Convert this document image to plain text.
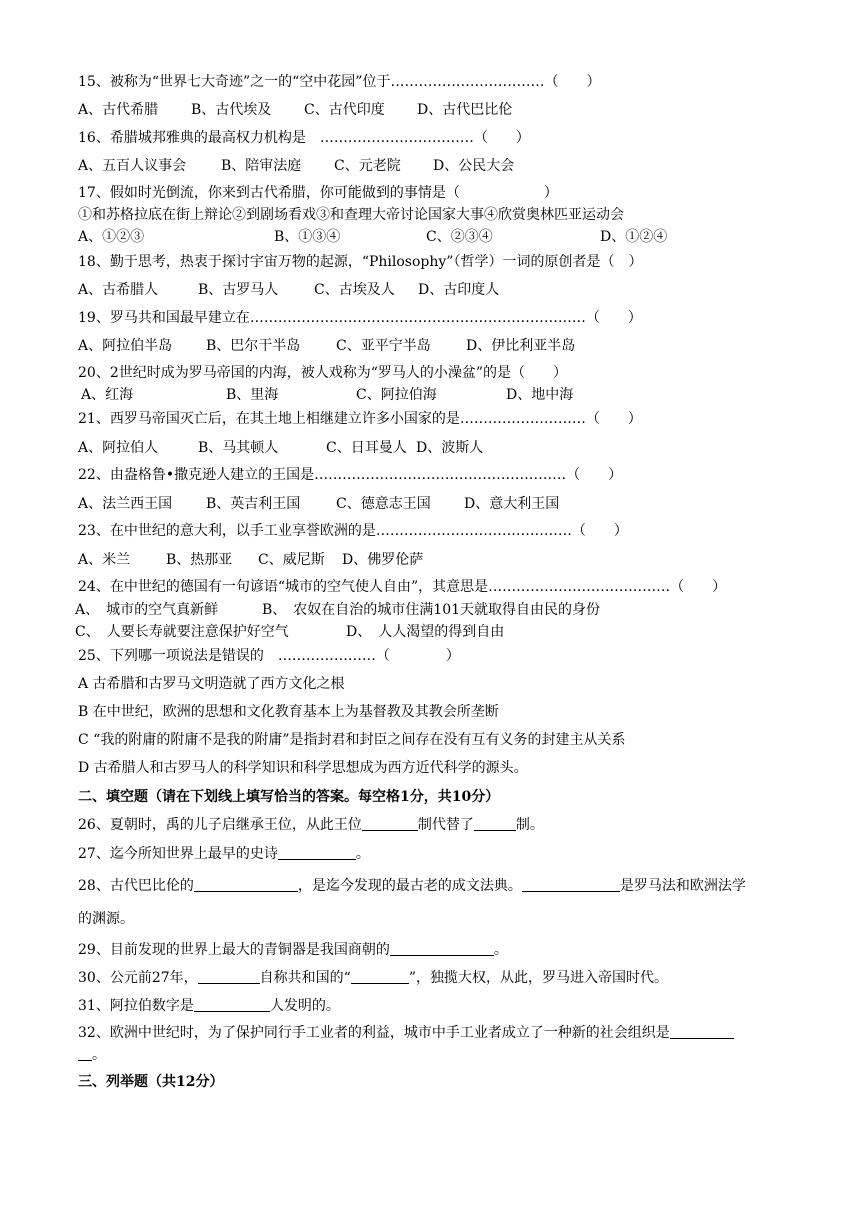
15、被称为“世界七大奇迹”之一的“空中花园”位于……………………………（　　）
A、古代希腊 B、古代埃及 C、古代印度 D、古代巴比伦
16、希腊城邦雅典的最高权力机构是　……………………………（　　）
A、五百人议事会 B、陪审法庭 C、元老院 D、公民大会
17、假如时光倒流，你来到古代希腊，你可能做到的事情是（　　　　　　）
①和苏格拉底在街上辩论②到剧场看戏③和查理大帝讨论国家大事④欣赏奥林匹亚运动会
A、①②③	B、①③④	C、②③④	D、①②④
18、勤于思考，热衷于探讨宇宙万物的起源，“Philosophy”（哲学）一词的原创者是（　）
A、古希腊人	B、古罗马人	C、古埃及人 D、古印度人
19、罗马共和国最早建立在………………………………………………………………（　　）
A、阿拉伯半岛 B、巴尔干半岛	C、亚平宁半岛	D、伊比利亚半岛
20、2世纪时成为罗马帝国的内海，被人戏称为“罗马人的小澡盆”的是（　　）
A、红海	B、里海	C、阿拉伯海	D、地中海
21、西罗马帝国灭亡后，在其土地上相继建立许多小国家的是………………………（　　）
A、阿拉伯人	B、马其顿人	C、日耳曼人 D、波斯人
22、由盎格鲁•撒克逊人建立的王国是………………………………………………（　　）
A、法兰西王国 B、英吉利王国	C、德意志王国 D、意大利王国
23、在中世纪的意大利，以手工业享誉欧洲的是……………………………………（　　）
A、米兰	B、热那亚 C、威尼斯 D、佛罗伦萨
24、在中世纪的德国有一句谚语“城市的空气使人自由”，其意思是…………………………………（　　）
A、　城市的空气真新鲜	B、　农奴在自治的城市住满101天就取得自由民的身份
C、　人要长寿就要注意保护好空气	D、　人人渴望的得到自由
25、下列哪一项说法是错误的　…………………（　　　　）
A 古希腊和古罗马文明造就了西方文化之根
B 在中世纪，欧洲的思想和文化教育基本上为基督教及其教会所垄断
C “我的附庸的附庸不是我的附庸”是指封君和封臣之间存在没有互有义务的封建主从关系
D 古希腊人和古罗马人的科学知识和科学思想成为西方近代科学的源头。
二、填空题（请在下划线上填写恰当的答案。每空格1分，共10分）
26、夏朝时，禹的儿子启继承王位，从此王位	制代替了	制。
27、迄今所知世界上最早的史诗	。
28、古代巴比伦的	，是迄今发现的最古老的成文法典。	是罗马法和欧洲法学
的渊源。
29、目前发现的世界上最大的青铜器是我国商朝的	。
30、公元前27年，	自称共和国的“	”，独揽大权，从此，罗马进入帝国时代。
31、阿拉伯数字是	人发明的。
32、欧洲中世纪时，为了保护同行手工业者的利益，城市中手工业者成立了一种新的社会组织是
。
三、列举题（共12分）
